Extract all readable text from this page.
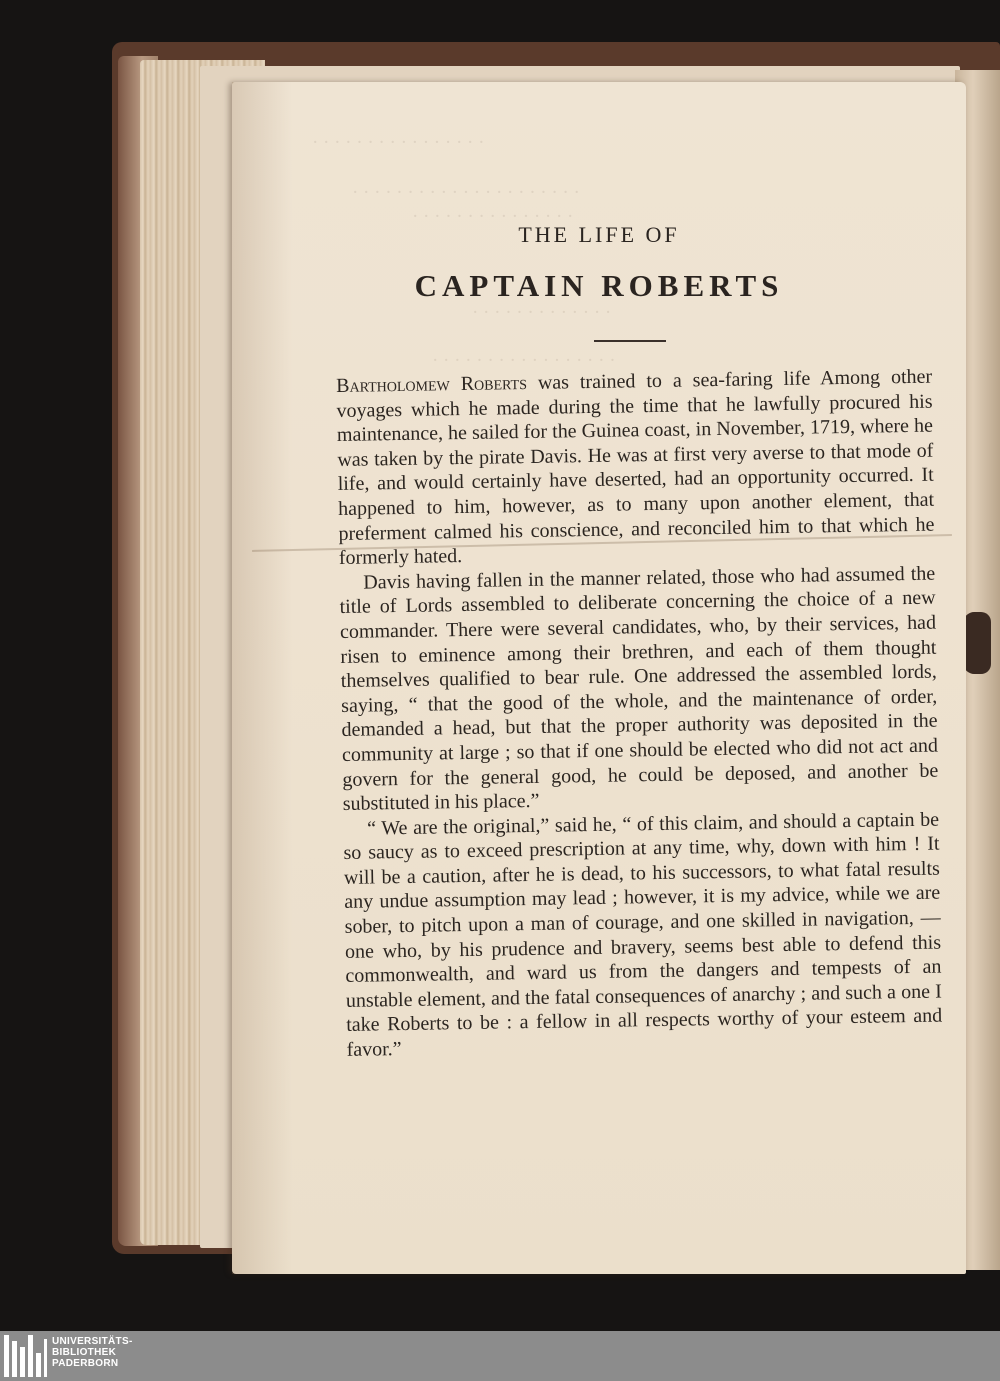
· · · · · · · · · · · · · · · ·
· · · · · · · · · · · · · · · · · · · · ·
· · · · · · · · · · · · · · ·
· · · · · · · · · · · · ·
· · · · · · · · · · · · · · · · ·
THE LIFE OF
CAPTAIN ROBERTS

Bartholomew Roberts was trained to a sea-faring life Among other voyages which he made during the time that he lawfully procured his maintenance, he sailed for the Guinea coast, in November, 1719, where he was taken by the pirate Davis. He was at first very averse to that mode of life, and would certainly have deserted, had an opportunity occurred. It happened to him, however, as to many upon another element, that preferment calmed his conscience, and reconciled him to that which he formerly hated.

Davis having fallen in the manner related, those who had assumed the title of Lords assembled to deliberate concerning the choice of a new commander. There were several candidates, who, by their services, had risen to eminence among their brethren, and each of them thought themselves qualified to bear rule. One addressed the assembled lords, saying, “ that the good of the whole, and the maintenance of order, demanded a head, but that the proper authority was deposited in the community at large ; so that if one should be elected who did not act and govern for the general good, he could be deposed, and another be substituted in his place.”

“ We are the original,” said he, “ of this claim, and should a captain be so saucy as to exceed prescription at any time, why, down with him ! It will be a caution, after he is dead, to his successors, to what fatal results any undue assumption may lead ; however, it is my advice, while we are sober, to pitch upon a man of courage, and one skilled in navigation, —one who, by his prudence and bravery, seems best able to defend this commonwealth, and ward us from the dangers and tempests of an unstable element, and the fatal consequences of anarchy ; and such a one I take Roberts to be : a fellow in all respects worthy of your esteem and favor.”

UNIVERSITÄTS-
BIBLIOTHEK
PADERBORN
